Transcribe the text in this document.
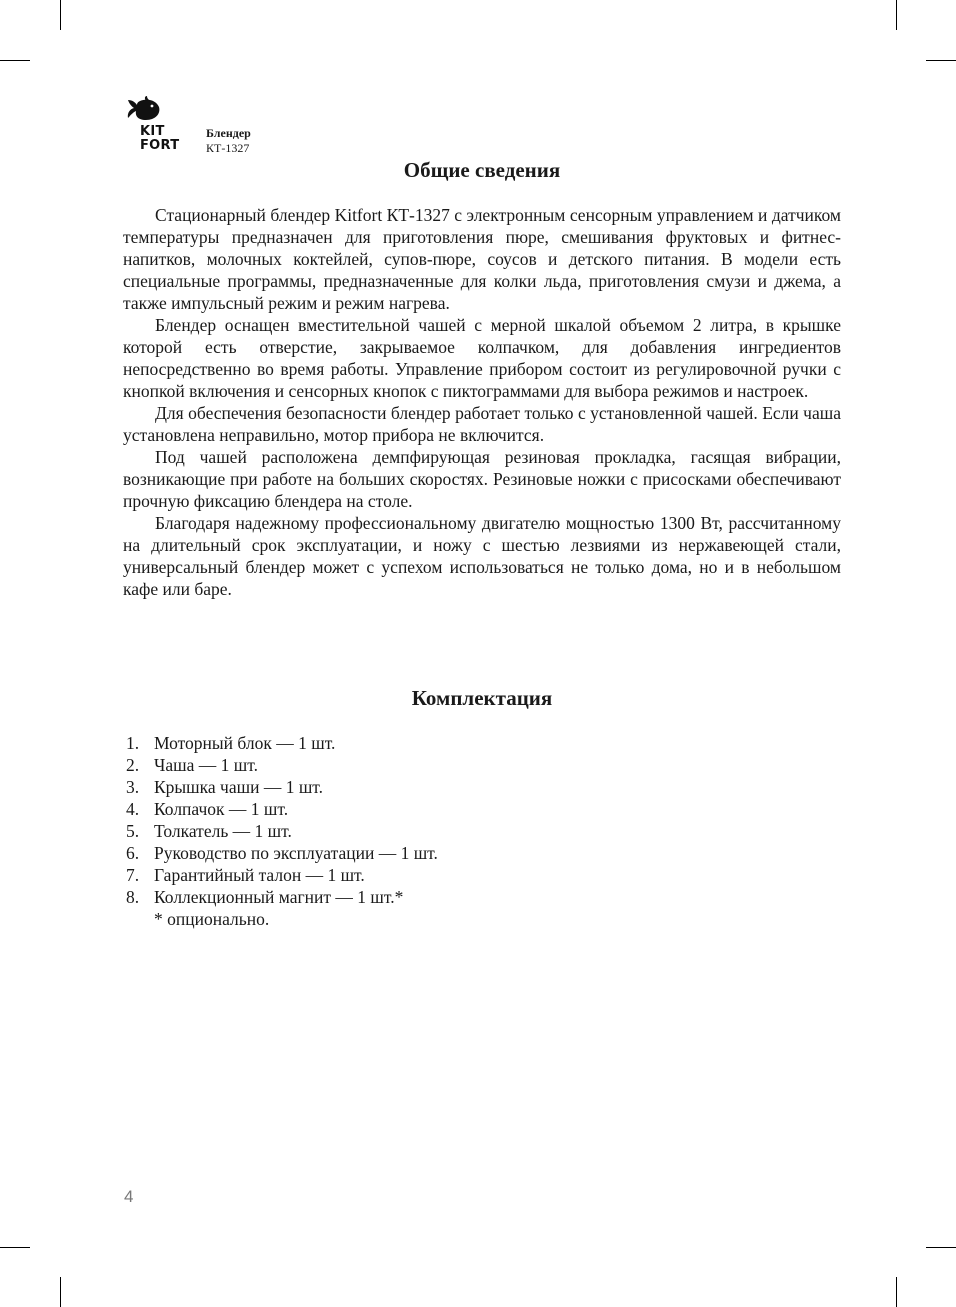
KIT
FORT
Блендер
КТ-1327
Общие сведения

Стационарный блендер Kitfort КТ-1327 с электронным сенсорным управлением и датчиком температуры предназначен для приготовления пюре, смешивания фруктовых и фитнес-напитков, молочных коктейлей, супов-пюре, соусов и детского питания. В модели есть специальные программы, предназначенные для колки льда, приготовления смузи и джема, а также импульсный режим и режим нагрева.

Блендер оснащен вместительной чашей с мерной шкалой объемом 2 литра, в крышке которой есть отверстие, закрываемое колпачком, для добавления ингредиентов непосредственно во время работы. Управление прибором состоит из регулировочной ручки с кнопкой включения и сенсорных кнопок с пиктограммами для выбора режимов и настроек.

Для обеспечения безопасности блендер работает только с установленной чашей. Если чаша установлена неправильно, мотор прибора не включится.

Под чашей расположена демпфирующая резиновая прокладка, гасящая вибрации, возникающие при работе на больших скоростях. Резиновые ножки с присосками обеспечивают прочную фиксацию блендера на столе.

Благодаря надежному профессиональному двигателю мощностью 1300 Вт, рассчитанному на длительный срок эксплуатации, и ножу с шестью лезвиями из нержавеющей стали, универсальный блендер может с успехом использоваться не только дома, но и в небольшом кафе или баре.

Комплектация
1. Моторный блок — 1 шт.
2. Чаша — 1 шт.
3. Крышка чаши — 1 шт.
4. Колпачок — 1 шт.
5. Толкатель — 1 шт.
6. Руководство по эксплуатации — 1 шт.
7. Гарантийный талон — 1 шт.
8. Коллекционный магнит — 1 шт.*
* опционально.
4
